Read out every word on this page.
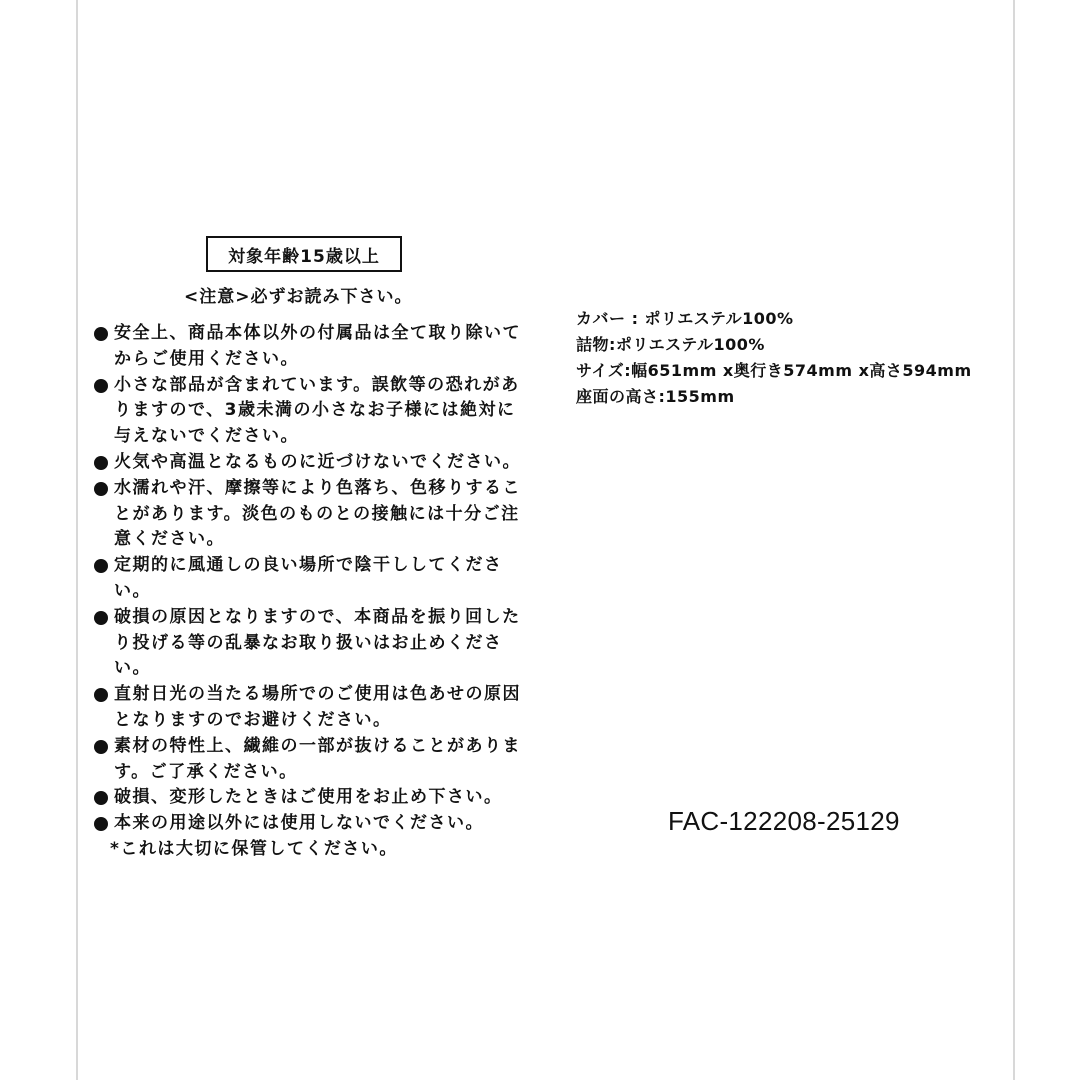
対象年齢15歳以上
<注意>必ずお読み下さい。
安全上、商品本体以外の付属品は全て取り除いてからご使用ください。
小さな部品が含まれています。誤飲等の恐れがありますので、3歳未満の小さなお子様には絶対に与えないでください。
火気や高温となるものに近づけないでください。
水濡れや汗、摩擦等により色落ち、色移りすることがあります。淡色のものとの接触には十分ご注意ください。
定期的に風通しの良い場所で陰干ししてください。
破損の原因となりますので、本商品を振り回したり投げる等の乱暴なお取り扱いはお止めください。
直射日光の当たる場所でのご使用は色あせの原因となりますのでお避けください。
素材の特性上、繊維の一部が抜けることがあります。ご了承ください。
破損、変形したときはご使用をお止め下さい。
本来の用途以外には使用しないでください。
*これは大切に保管してください。
カバー : ポリエステル100%
詰物:ポリエステル100%
サイズ:幅651mm x奥行き574mm x高さ594mm
座面の高さ:155mm
FAC-122208-25129
